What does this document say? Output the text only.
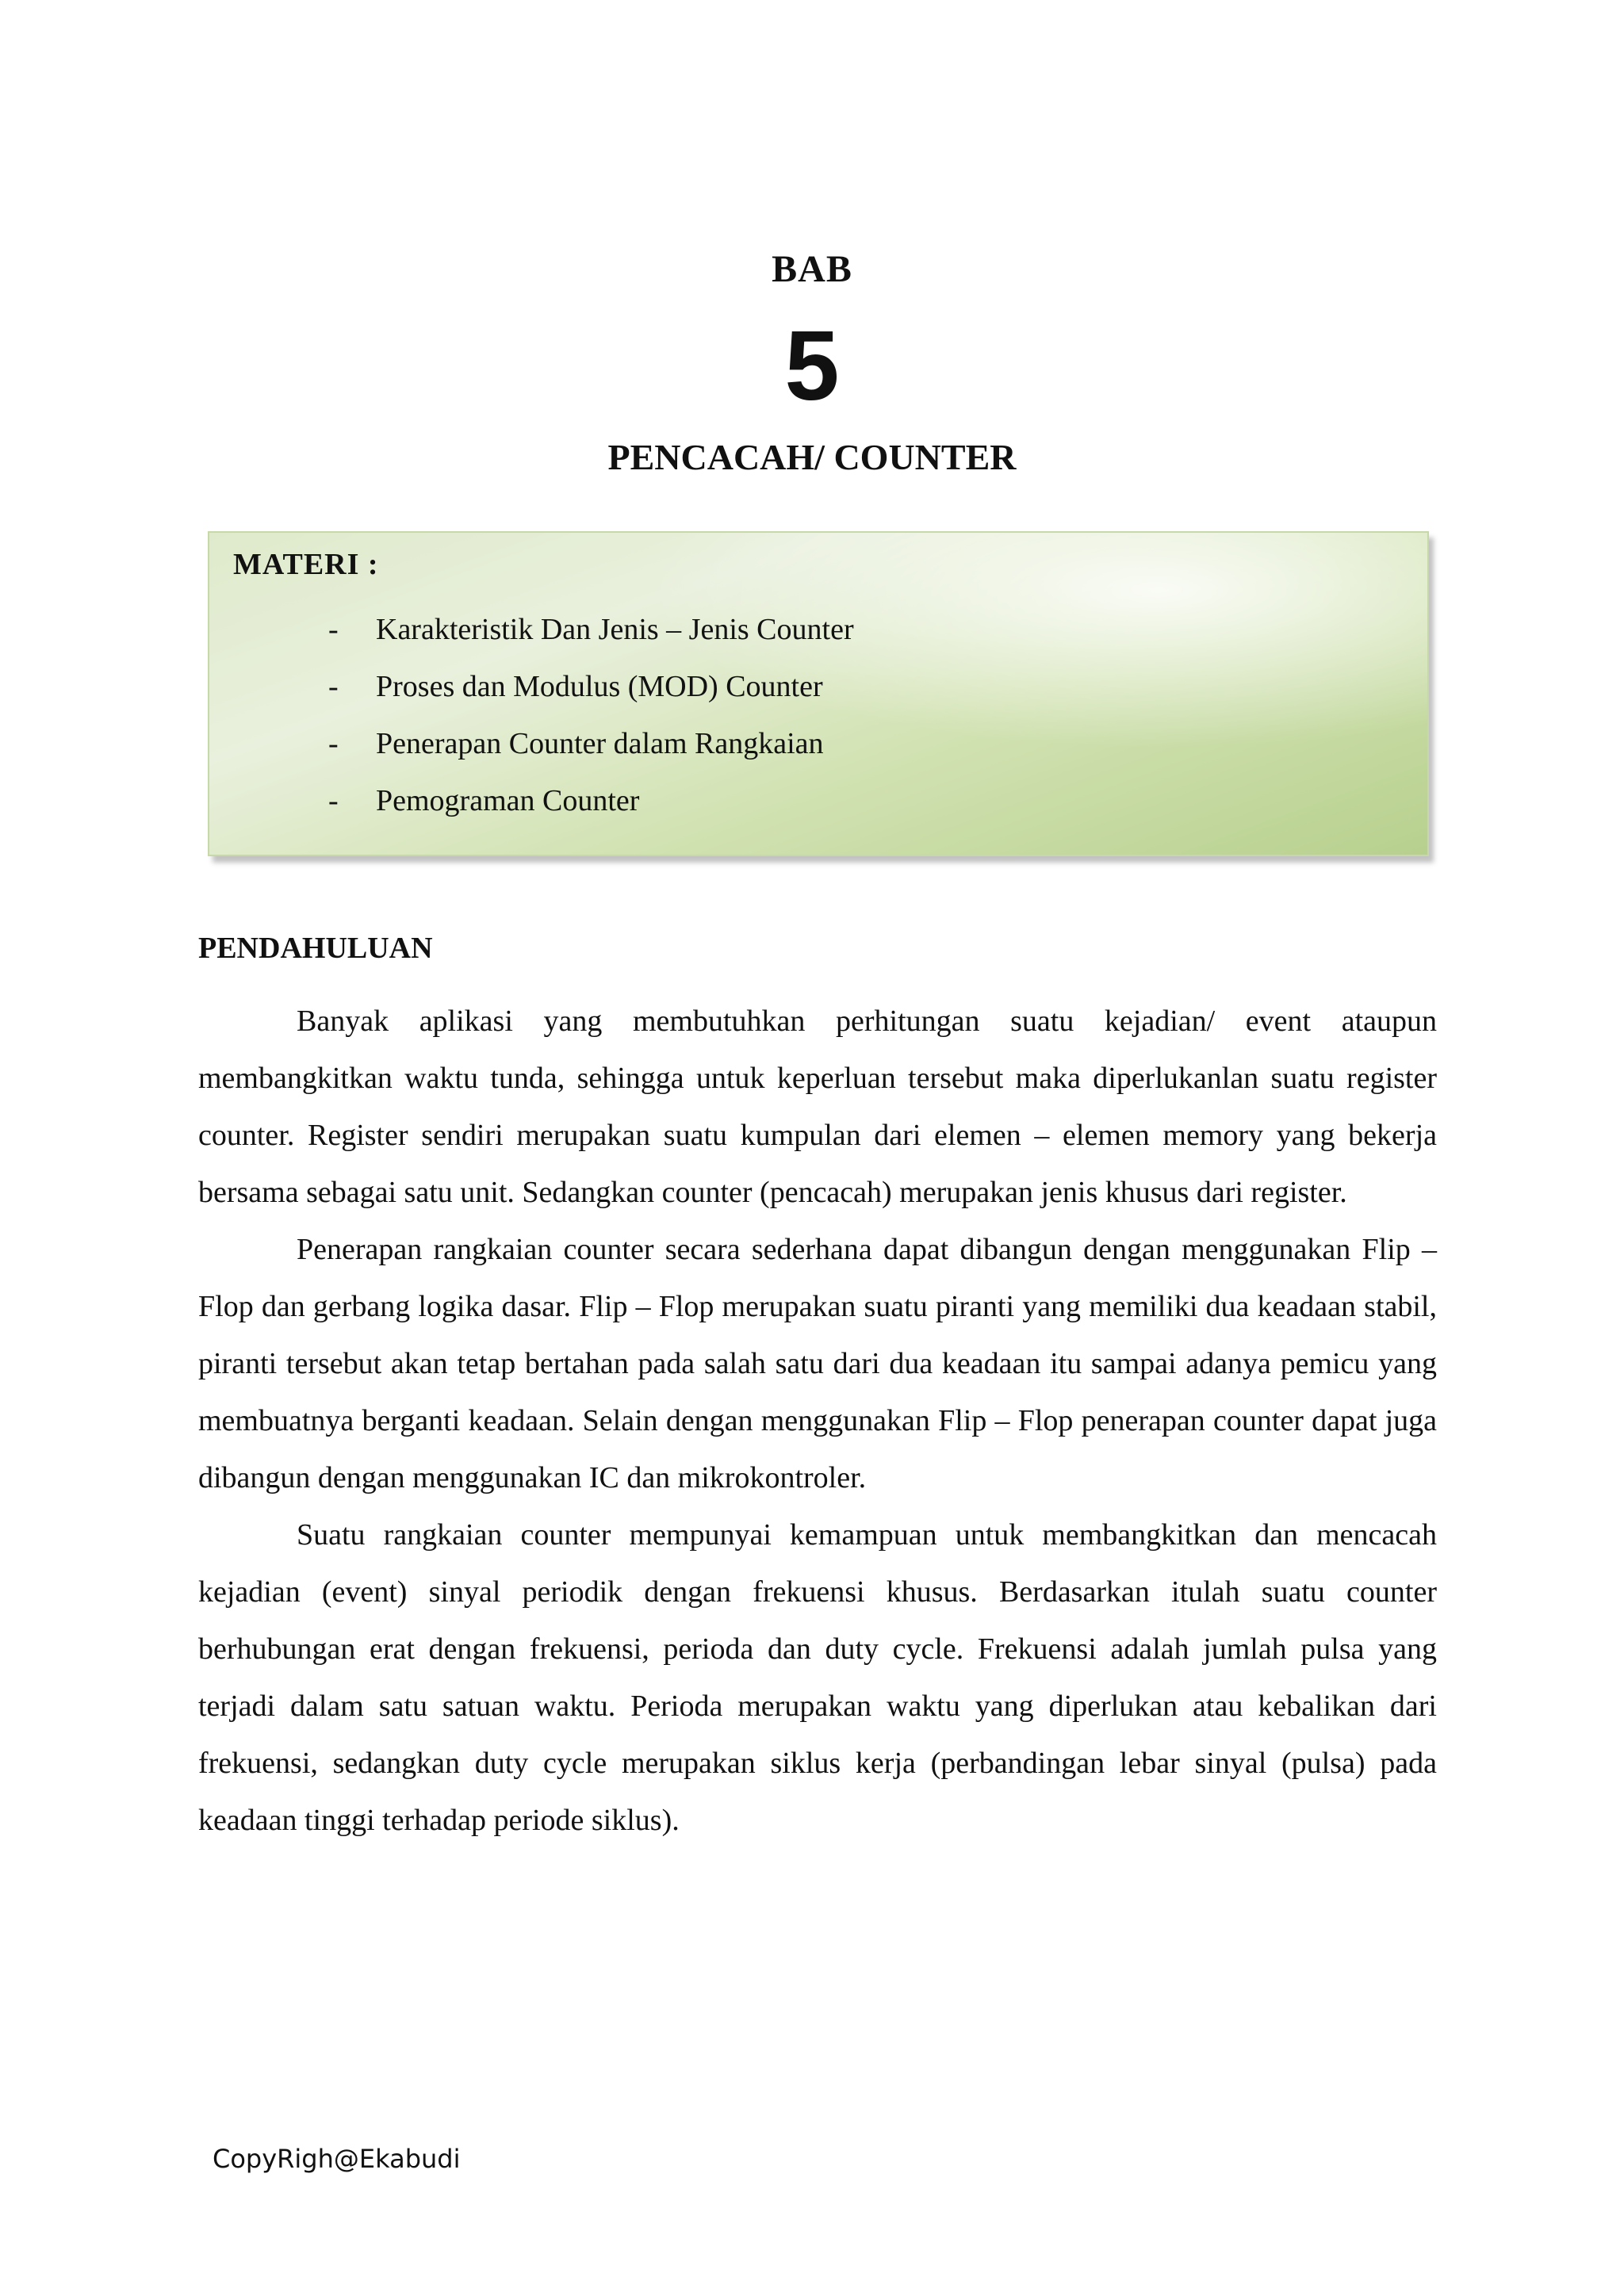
BAB
5
PENCACAH/ COUNTER
MATERI :
- Karakteristik Dan Jenis – Jenis Counter
- Proses dan Modulus (MOD) Counter
- Penerapan Counter dalam Rangkaian
- Pemograman Counter
PENDAHULUAN

Banyak aplikasi yang membutuhkan perhitungan suatu kejadian/ event ataupun membangkitkan waktu tunda, sehingga untuk keperluan tersebut maka diperlukanlan suatu register counter. Register sendiri merupakan suatu kumpulan dari elemen – elemen memory yang bekerja bersama sebagai satu unit. Sedangkan counter (pencacah) merupakan jenis khusus dari register.

Penerapan rangkaian counter secara sederhana dapat dibangun dengan menggunakan Flip – Flop dan gerbang logika dasar. Flip – Flop merupakan suatu piranti yang memiliki dua keadaan stabil, piranti tersebut akan tetap bertahan pada salah satu dari dua keadaan itu sampai adanya pemicu yang membuatnya berganti keadaan. Selain dengan menggunakan Flip – Flop penerapan counter dapat juga dibangun dengan menggunakan IC dan mikrokontroler.

Suatu rangkaian counter mempunyai kemampuan untuk membangkitkan dan mencacah kejadian (event) sinyal periodik dengan frekuensi khusus. Berdasarkan itulah suatu counter berhubungan erat dengan frekuensi, perioda dan duty cycle. Frekuensi adalah jumlah pulsa yang terjadi dalam satu satuan waktu. Perioda merupakan waktu yang diperlukan atau kebalikan dari frekuensi, sedangkan duty cycle merupakan siklus kerja (perbandingan lebar sinyal (pulsa) pada keadaan tinggi terhadap periode siklus).

CopyRigh@Ekabudi
